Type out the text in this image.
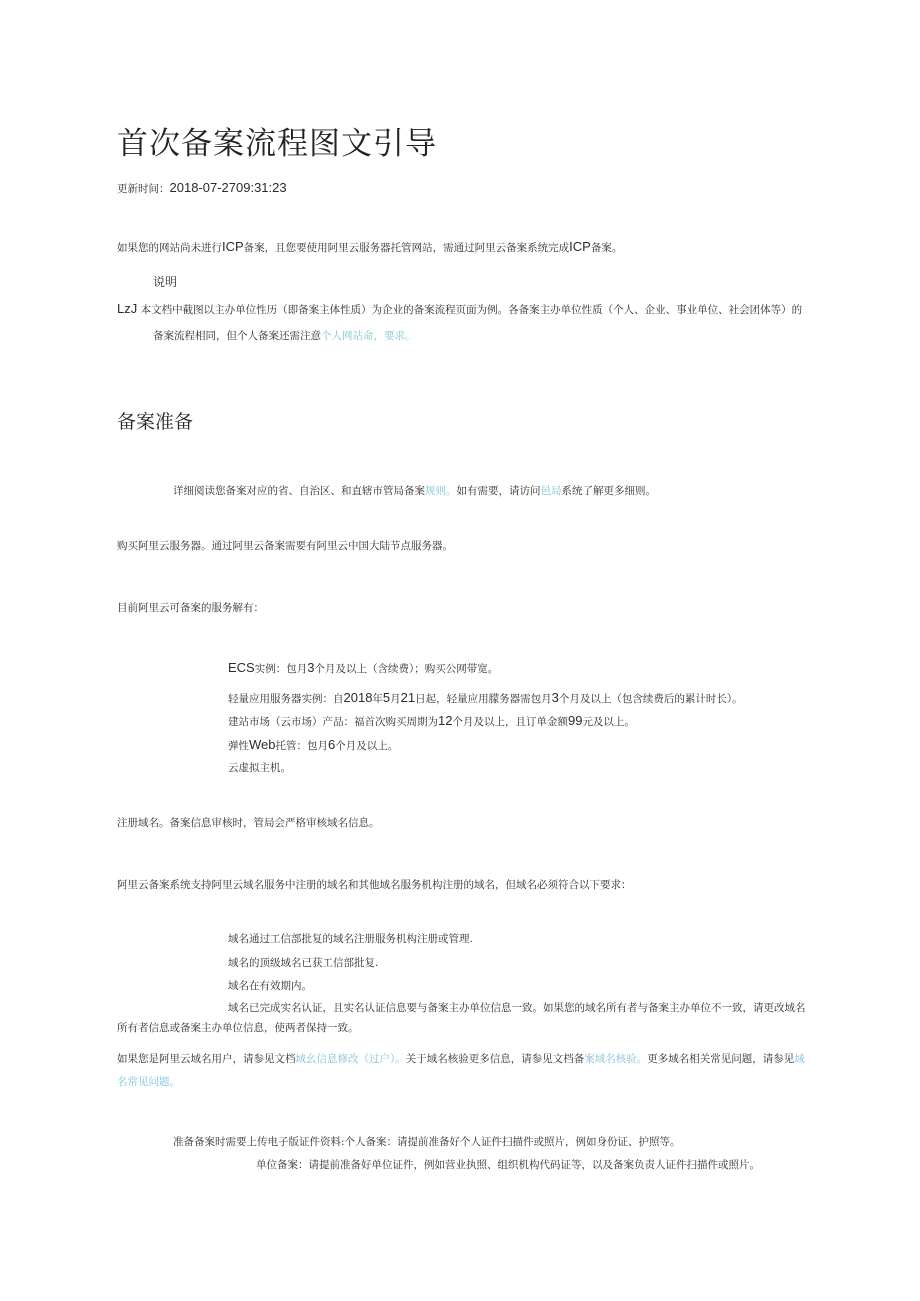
首次备案流程图文引导
更新时间：2018-07-2709:31:23
如果您的网站尚未进行ICP备案，且您要使用阿里云服务器托管网站，需通过阿里云备案系统完成ICP备案。
说明
LzJ 本文档中截图以主办单位性历（即备案主体性质）为企业的备案流程页面为例。各备案主办单位性质（个人、企业、事业单位、社会团体等）的
备案流程相同，但个人备案还需注意个人网站命，要求。
备案准备
详细阅读您备案对应的省、自治区、和直辖市管局备案规则。如有需要，请访问邑局系统了解更多细则。
购买阿里云服务器。通过阿里云备案需要有阿里云中国大陆节点服务器。
目前阿里云可备案的服务解有：
ECS实例：包月3个月及以上（含续费）；购买公网带宽。
轻量应用服务器实例：自2018年5月21日起，轻量应用朦务器需包月3个月及以上（包含续费后的累计时长）。
建站市场（云市场）产品：福首次购买周期为12个月及以上，且订单金额99元及以上。
弹性Web托管：包月6个月及以上。
云虚拟主机。
注册域名。备案信息审核时，管局会严格审核域名信息。
阿里云备案系统支持阿里云域名服务中注册的域名和其他域名服务机构注册的域名，但域名必须符合以下要求：
域名通过工信部批复的域名注册服务机构注册或管理.
域名的顶级域名已获工信部批复.
域名在有效期内。
域名已完成实名认证，且实名认证信息要与备案主办单位信息一致。如果您的域名所有者与备案主办单位不一致，请更改域名
所有者信息或备案主办单位信息，使两者保持一致。
如果您是阿里云域名用户，请参见文档域幺信息修改（过户）。关于域名核验更多信息，请参见文档备案域名核验。更多域名相关常见问题，请参见域
名常见问题。
准备备案时需要上传电子版证件资料:个人备案：请提前准备好个人证件扫描件或照片，例如身份证、护照等。
单位备案：请提前准备好单位证件，例如营业执照、组织机构代码证等，以及备案负责人证件扫描件或照片。
